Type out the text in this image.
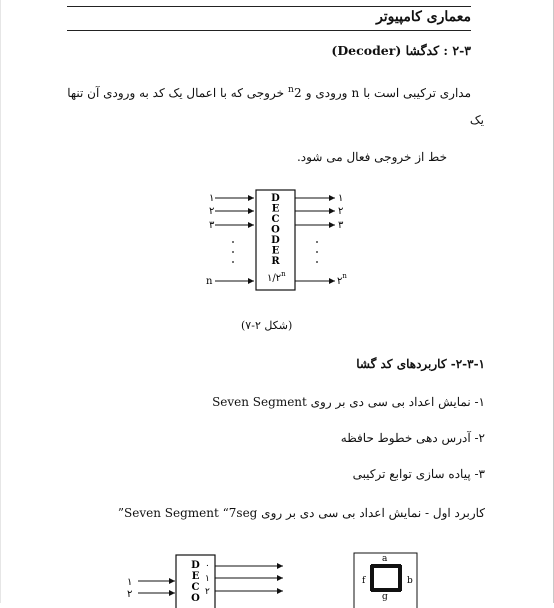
معماری کامپیوتر
۲-۳ : کدگشا (Decoder)
مداری ترکیبی است با n ورودی و $^n$2 خروجی که با اعمال یک کد به ورودی آن تنها
یک
خط از خروجی فعال می شود.
D
E
C
O
D
E
R
۱/۲$^n$
۱
۲
۳
n
۱
۲
۳
۲$^n$
(شکل ۲-۷)
۲-۳-۱- کاربردهای کد گشا
۱- نمایش اعداد بی سی دی بر روی Seven Segment
۲- آدرس دهی خطوط حافظه
۳- پیاده سازی توابع ترکیبی
کاربرد اول - نمایش اعداد بی سی دی بر روی Seven Segment “7seg”
D
E
C
O
۱
۲
۰
۱
۲
a
f	b
g
